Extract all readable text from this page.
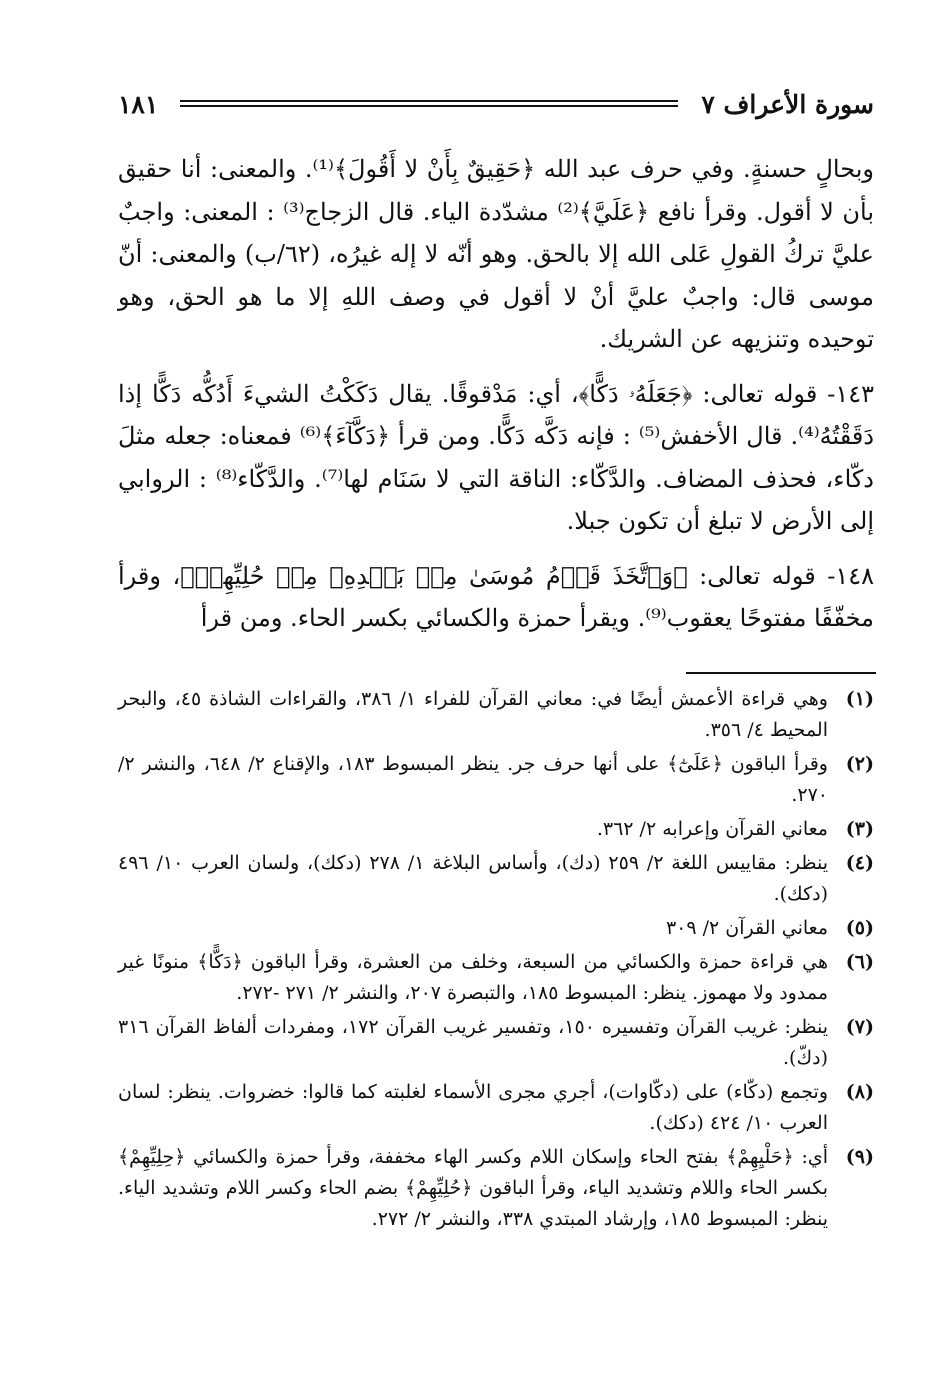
سورة الأعراف ٧
١٨١

وبحالٍ حسنةٍ. وفي حرف عبد الله ﴿حَقِيقٌ بِأَنْ لا أَقُولَ﴾⁽¹⁾. والمعنى: أنا حقيق بأن لا أقول. وقرأ نافع ﴿عَلَيَّ﴾⁽²⁾ مشدّدة الياء. قال الزجاج⁽³⁾ : المعنى: واجبٌ عليَّ تركُ القولِ عَلى الله إلا بالحق. وهو أنّه لا إله غيرُه، (٦٢/ب) والمعنى: أنّ موسى قال: واجبٌ عليَّ أنْ لا أقول في وصف اللهِ إلا ما هو الحق، وهو توحيده وتنزيهه عن الشريك.

١٤٣- قوله تعالى: ﴿جَعَلَهُۥ دَكًّا﴾، أي: مَدْقوقًا. يقال دَكَكْتُ الشيءَ أَدُكُّه دَكًّا إذا دَقَقْتُهُ⁽⁴⁾. قال الأخفش⁽⁵⁾ : فإنه دَكَّه دَكًّا. ومن قرأ ﴿دَكَّآءَ﴾⁽⁶⁾ فمعناه: جعله مثلَ دكّاء، فحذف المضاف. والدَّكّاء: الناقة التي لا سَنَام لها⁽⁷⁾. والدَّكّاء⁽⁸⁾ : الروابي إلى الأرض لا تبلغ أن تكون جبلا.

١٤٨- قوله تعالى: ﴿وَٱتَّخَذَ قَوۡمُ مُوسَىٰ مِنۢ بَعۡدِهِۦ مِنۡ حُلِيِّهِمۡ﴾، وقرأ مخفّفًا مفتوحًا يعقوب⁽⁹⁾. ويقرأ حمزة والكسائي بكسر الحاء. ومن قرأ

(١)
وهي قراءة الأعمش أيضًا في: معاني القرآن للفراء ١/ ٣٨٦، والقراءات الشاذة ٤٥، والبحر المحيط ٤/ ٣٥٦.
(٢)
وقرأ الباقون ﴿عَلَىٰٓ﴾ على أنها حرف جر. ينظر المبسوط ١٨٣، والإقناع ٢/ ٦٤٨، والنشر ٢/ ٢٧٠.
(٣)
معاني القرآن وإعرابه ٢/ ٣٦٢.
(٤)
ينظر: مقاييس اللغة ٢/ ٢٥٩ (دك)، وأساس البلاغة ١/ ٢٧٨ (دكك)، ولسان العرب ١٠/ ٤٩٦ (دكك).
(٥)
معاني القرآن ٢/ ٣٠٩
(٦)
هي قراءة حمزة والكسائي من السبعة، وخلف من العشرة، وقرأ الباقون ﴿دَكًّا﴾ منونًا غير ممدود ولا مهموز. ينظر: المبسوط ١٨٥، والتبصرة ٢٠٧، والنشر ٢/ ٢٧١ -٢٧٢.
(٧)
ينظر: غريب القرآن وتفسيره ١٥٠، وتفسير غريب القرآن ١٧٢، ومفردات ألفاظ القرآن ٣١٦ (دكّ).
(٨)
وتجمع (دكّاء) على (دكّاوات)، أجري مجرى الأسماء لغلبته كما قالوا: خضروات. ينظر: لسان العرب ١٠/ ٤٢٤ (دكك).
(٩)
أي: ﴿حَلْيِهِمْ﴾ بفتح الحاء وإسكان اللام وكسر الهاء مخففة، وقرأ حمزة والكسائي ﴿حِلِيِّهِمْ﴾ بكسر الحاء واللام وتشديد الياء، وقرأ الباقون ﴿حُلِيِّهِمْ﴾ بضم الحاء وكسر اللام وتشديد الياء. ينظر: المبسوط ١٨٥، وإرشاد المبتدي ٣٣٨، والنشر ٢/ ٢٧٢.
